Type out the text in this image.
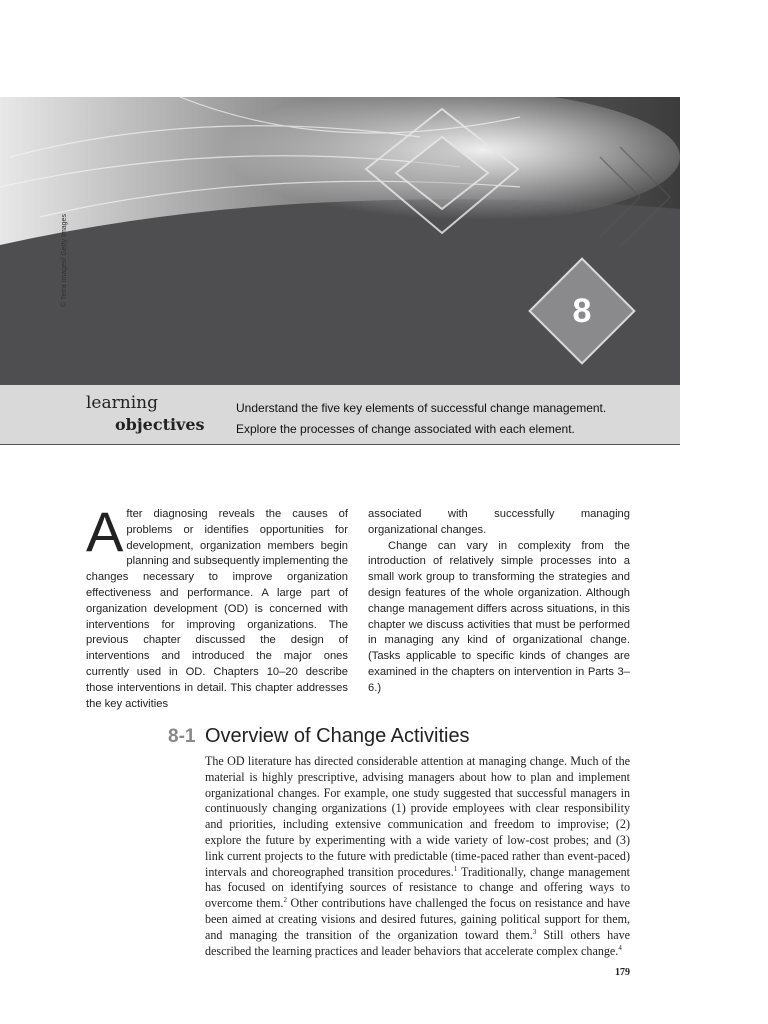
© Tetra Images/ Getty Images
8
learning
objectives
Understand the five key elements of successful change management.
Explore the processes of change associated with each element.
A fter diagnosing reveals the causes of problems or identifies opportunities for development, organization members begin planning and subsequently implementing the changes necessary to improve organization effectiveness and performance. A large part of organization development (OD) is concerned with interventions for improving organizations. The previous chapter discussed the design of interventions and introduced the major ones currently used in OD. Chapters 10–20 describe those interventions in detail. This chapter addresses the key activities

associated with successfully managing organizational changes.

Change can vary in complexity from the introduction of relatively simple processes into a small work group to transforming the strategies and design features of the whole organization. Although change management differs across situations, in this chapter we discuss activities that must be performed in managing any kind of organizational change. (Tasks applicable to specific kinds of changes are examined in the chapters on intervention in Parts 3–6.)

8-1 Overview of Change Activities

The OD literature has directed considerable attention at managing change. Much of the material is highly prescriptive, advising managers about how to plan and implement organizational changes. For example, one study suggested that successful managers in continuously changing organizations (1) provide employees with clear responsibility and priorities, including extensive communication and freedom to improvise; (2) explore the future by experimenting with a wide variety of low-cost probes; and (3) link current projects to the future with predictable (time-paced rather than event-paced) intervals and choreographed transition procedures.$^1$ Traditionally, change management has focused on identifying sources of resistance to change and offering ways to overcome them.$^2$ Other contributions have challenged the focus on resistance and have been aimed at creating visions and desired futures, gaining political support for them, and managing the transition of the organization toward them.$^3$ Still others have described the learning practices and leader behaviors that accelerate complex change.$^4$

179
